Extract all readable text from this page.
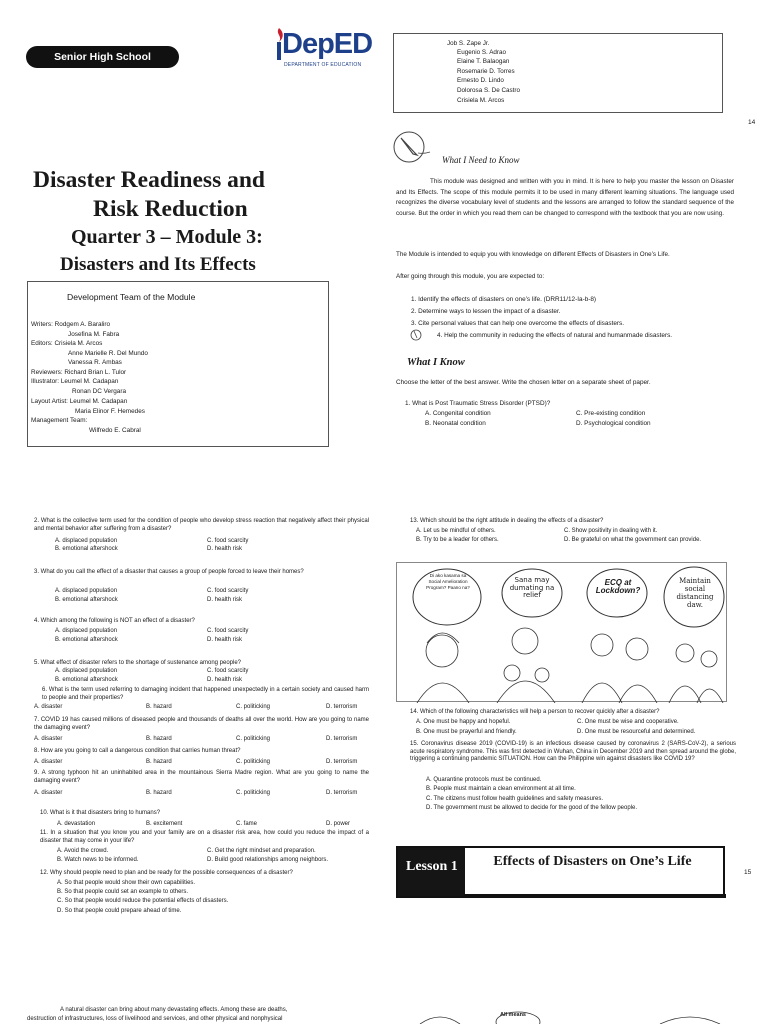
Senior High School	DepED
DEPARTMENT OF EDUCATION
Job S. Zape Jr.
Eugenio S. Adrao
Elaine T. Balaogan
Rosemarie D. Torres
Ernesto D. Lindo
Dolorosa S. De Castro
Crisiela M. Arcos
14
Disaster Readiness and
Risk Reduction
Quarter 3 – Module 3:
Disasters and Its Effects
Development Team of the Module
Writers: Rodgem A. Baraliro
Josefina M. Fabra
Editors: Crisiela M. Arcos
Anne Marielle R. Del Mundo
Vanessa R. Ambas
Reviewers: Richard Brian L. Tulor
Illustrator: Leumel M. Cadapan
Ronan DC Vergara
Layout Artist: Leumel M. Cadapan
Maria Elinor F. Hemedes
Management Team:
Wilfredo E. Cabral
What I Need to Know
This module was designed and written with you in mind. It is here to help you master the lesson on Disaster and Its Effects. The scope of this module permits it to be used in many different learning situations. The language used recognizes the diverse vocabulary level of students and the lessons are arranged to follow the standard sequence of the course. But the order in which you read them can be changed to correspond with the textbook that you are now using.
The Module is intended to equip you with knowledge on different Effects of Disasters in One’s Life.
After going through this module, you are expected to:
1. Identify the effects of disasters on one’s life. (DRR11/12-Ia-b-8)
2. Determine ways to lessen the impact of a disaster.
3. Cite personal values that can help one overcome the effects of disasters.
4. Help the community in reducing the effects of natural and humanmade disasters.
What I Know
Choose the letter of the best answer. Write the chosen letter on a separate sheet of paper.
1. What is Post Traumatic Stress Disorder (PTSD)?
A. Congenital condition
B. Neonatal condition
C. Pre-existing condition
D. Psychological condition
2. What is the collective term used for the condition of people who develop stress reaction that negatively affect their physical and mental behavior after suffering from a disaster?
A. displaced population	C. food scarcity
B. emotional aftershock	D. health risk
3. What do you call the effect of a disaster that causes a group of people forced to leave their homes?
A. displaced population	C. food scarcity
B. emotional aftershock	D. health risk
4. Which among the following is NOT an effect of a disaster?
A. displaced population	C. food scarcity
B. emotional aftershock	D. health risk
5. What effect of disaster refers to the shortage of sustenance among people?
A. displaced population	C. food scarcity
B. emotional aftershock	D. health risk
6. What is the term used referring to damaging incident that happened unexpectedly in a certain society and caused harm to people and their properties?
A. disaster	B. hazard	C. politicking	D. terrorism
7. COVID 19 has caused millions of diseased people and thousands of deaths all over the world. How are you going to name the damaging event?
A. disaster	B. hazard	C. politicking	D. terrorism
8. How are you going to call a dangerous condition that carries human threat?
A. disaster	B. hazard	C. politicking	D. terrorism
9. A strong typhoon hit an uninhabited area in the mountainous Sierra Madre region. What are you going to name the damaging event?
A. disaster	B. hazard	C. politicking	D. terrorism
10. What is it that disasters bring to humans?
A. devastation	B. excitement	C. fame	D. power
11. In a situation that you know you and your family are on a disaster risk area, how could you reduce the impact of a disaster that may come in your life?
A. Avoid the crowd.	C. Get the right mindset and preparation.
B. Watch news to be informed.	D. Build good relationships among neighbors.
12. Why should people need to plan and be ready for the possible consequences of a disaster?
A. So that people would show their own capabilities.
B. So that people could set an example to others.
C. So that people would reduce the potential effects of disasters.
D. So that people could prepare ahead of time.
13. Which should be the right attitude in dealing the effects of a disaster?
A. Let us be mindful of others.	C. Show positivity in dealing with it.
B. Try to be a leader for others.	D. Be grateful on what the government can provide.
Di ako kasama sa Social Amelioration Program? Paano na?
Sana may dumating na relief
ECQ at Lockdown?
Maintain social distancing daw.
14. Which of the following characteristics will help a person to recover quickly after a disaster?
A. One must be happy and hopeful.	C. One must be wise and cooperative.
B. One must be prayerful and friendly.	D. One must be resourceful and determined.
15. Coronavirus disease 2019 (COVID-19) is an infectious disease caused by coronavirus 2 (SARS-CoV-2), a serious acute respiratory syndrome. This was first detected in Wuhan, China in December 2019 and then spread around the globe, triggering a continuing pandemic SITUATION. How can the Philippine win against disasters like COVID 19?
A. Quarantine protocols must be continued.
B. People must maintain a clean environment at all time.
C. The citizens must follow health guidelines and safety measures.
D. The government must be allowed to decide for the good of the fellow people.
Lesson 1	Effects of Disasters on One’s Life
15
A natural disaster can bring about many devastating effects. Among these are deaths,
destruction of infrastructures, loss of livelihood and services, and other physical and nonphysical
All means
